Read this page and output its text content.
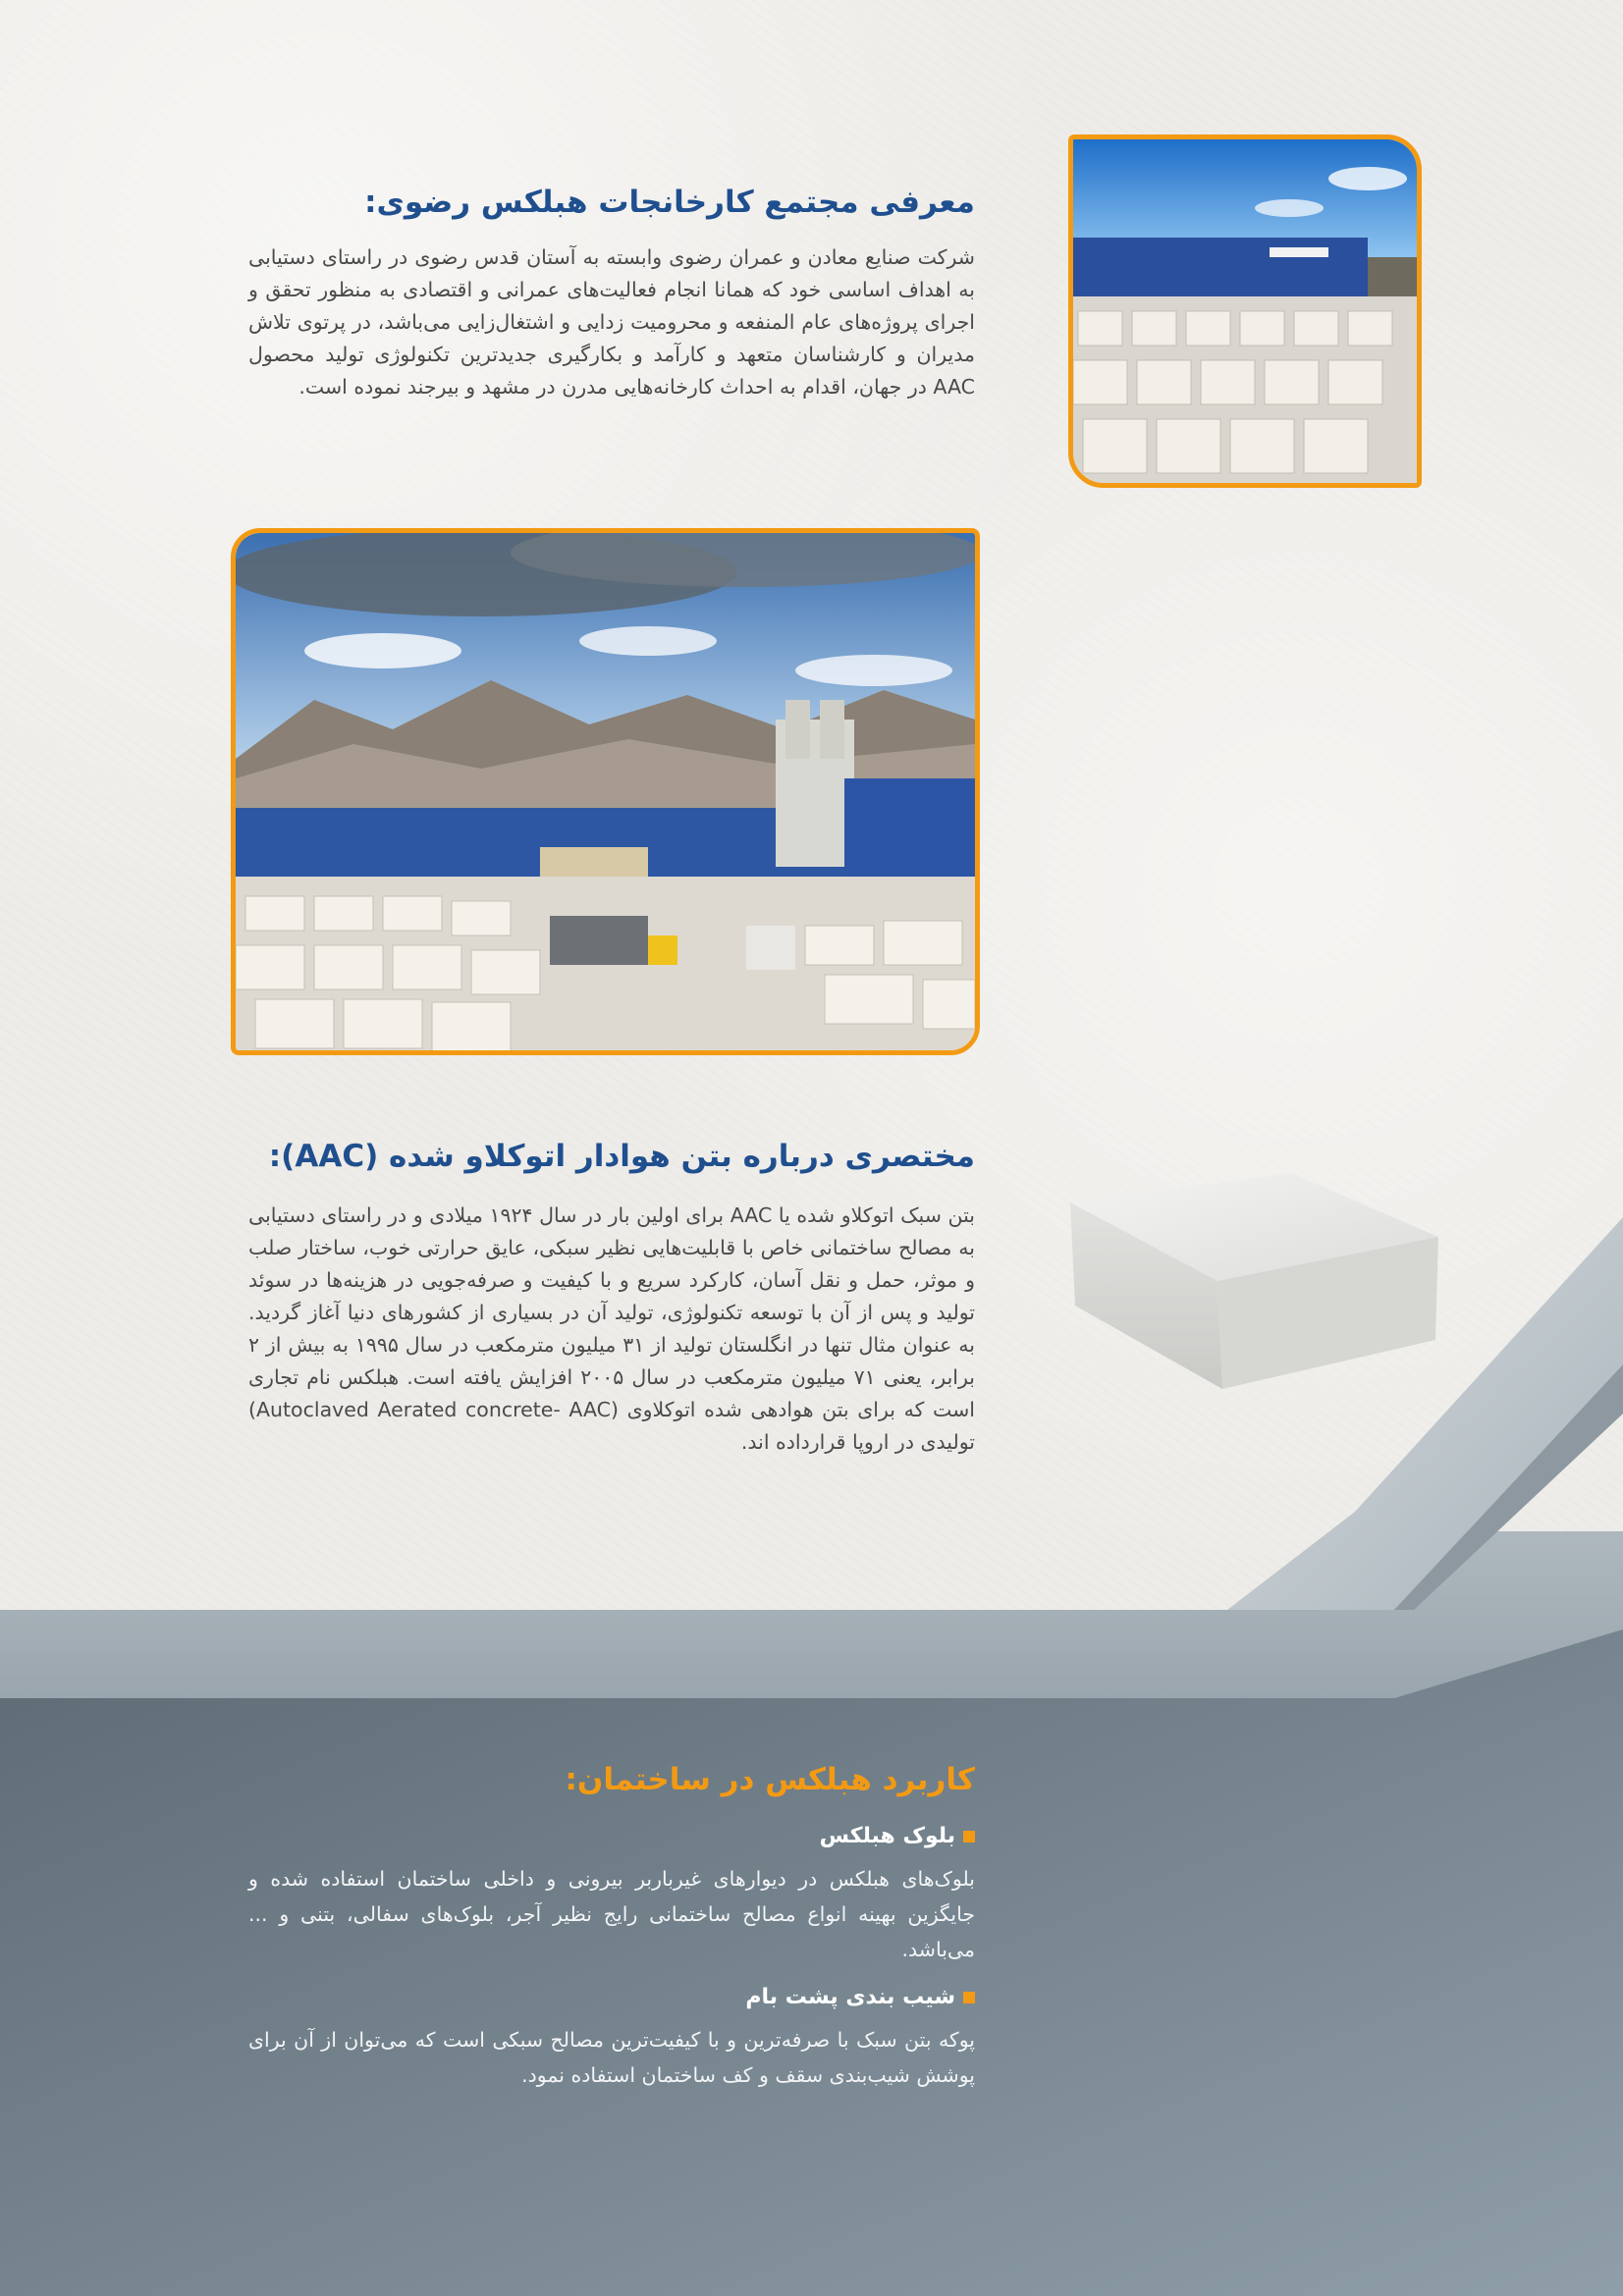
معرفی مجتمع کارخانجات هبلکس رضوی:

شرکت صنایع معادن و عمران رضوی وابسته به آستان قدس رضوی در راستای دستیابی به اهداف اساسی خود که همانا انجام فعالیت‌های عمرانی و اقتصادی به منظور تحقق و اجرای پروژه‌های عام المنفعه و محرومیت زدایی و اشتغال‌زایی می‌باشد، در پرتوی تلاش مدیران و کارشناسان متعهد و کارآمد و بکارگیری جدیدترین تکنولوژی تولید محصول AAC در جهان، اقدام به احداث کارخانه‌هایی مدرن در مشهد و بیرجند نموده است.

مختصری درباره بتن هوادار اتوکلاو شده (AAC):

بتن سبک اتوکلاو شده یا AAC برای اولین بار در سال ۱۹۲۴ میلادی و در راستای دستیابی به مصالح ساختمانی خاص با قابلیت‌هایی نظیر سبکی، عایق حرارتی خوب، ساختار صلب و موثر، حمل و نقل آسان، کارکرد سریع و با کیفیت و صرفه‌جویی در هزینه‌ها در سوئد تولید و پس از آن با توسعه تکنولوژی، تولید آن در بسیاری از کشورهای دنیا آغاز گردید. به عنوان مثال تنها در انگلستان تولید از ۳۱ میلیون مترمکعب در سال ۱۹۹۵ به بیش از ۲ برابر، یعنی ۷۱ میلیون مترمکعب در سال ۲۰۰۵ افزایش یافته است. هبلکس نام تجاری است که برای بتن هوادهی شده اتوکلاوی (Autoclaved Aerated concrete- AAC) تولیدی در اروپا قرارداده اند.

کاربرد هبلکس در ساختمان:
بلوک هبلکس

بلوک‌های هبلکس در دیوارهای غیرباربر بیرونی و داخلی ساختمان استفاده شده و جایگزین بهینه انواع مصالح ساختمانی رایج نظیر آجر، بلوک‌های سفالی، بتنی و ... می‌باشد.

شیب بندی پشت بام

پوکه بتن سبک با صرفه‌ترین و با کیفیت‌ترین مصالح سبکی است که می‌توان از آن برای پوشش شیب‌بندی سقف و کف ساختمان استفاده نمود.
